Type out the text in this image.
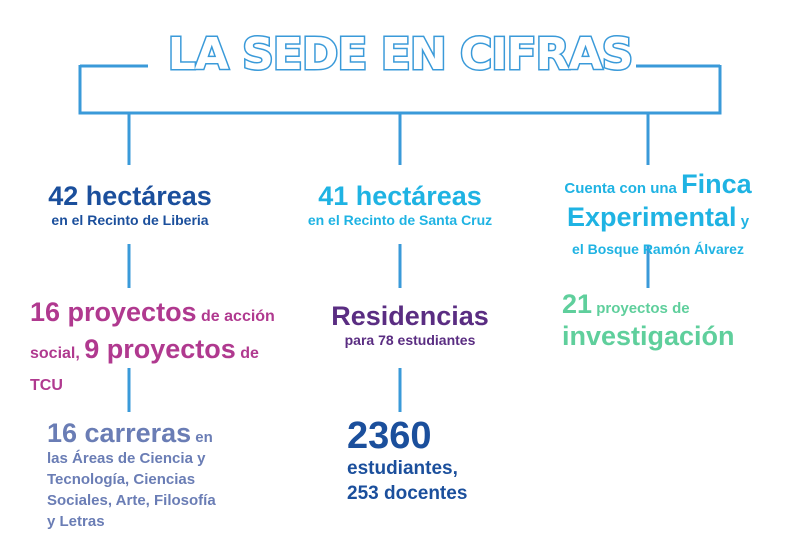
LA SEDE EN CIFRAS
42 hectáreas
en el Recinto de Liberia
16 proyectos de acción
social, 9 proyectos de TCU
16 carreras en
las Áreas de Ciencia y
Tecnología, Ciencias
Sociales, Arte, Filosofía
y Letras
41 hectáreas
en el Recinto de Santa Cruz
Residencias
para 78 estudiantes
2360
estudiantes,
253 docentes
Cuenta con una Finca
Experimental y
el Bosque Ramón Álvarez
21 proyectos de
investigación
